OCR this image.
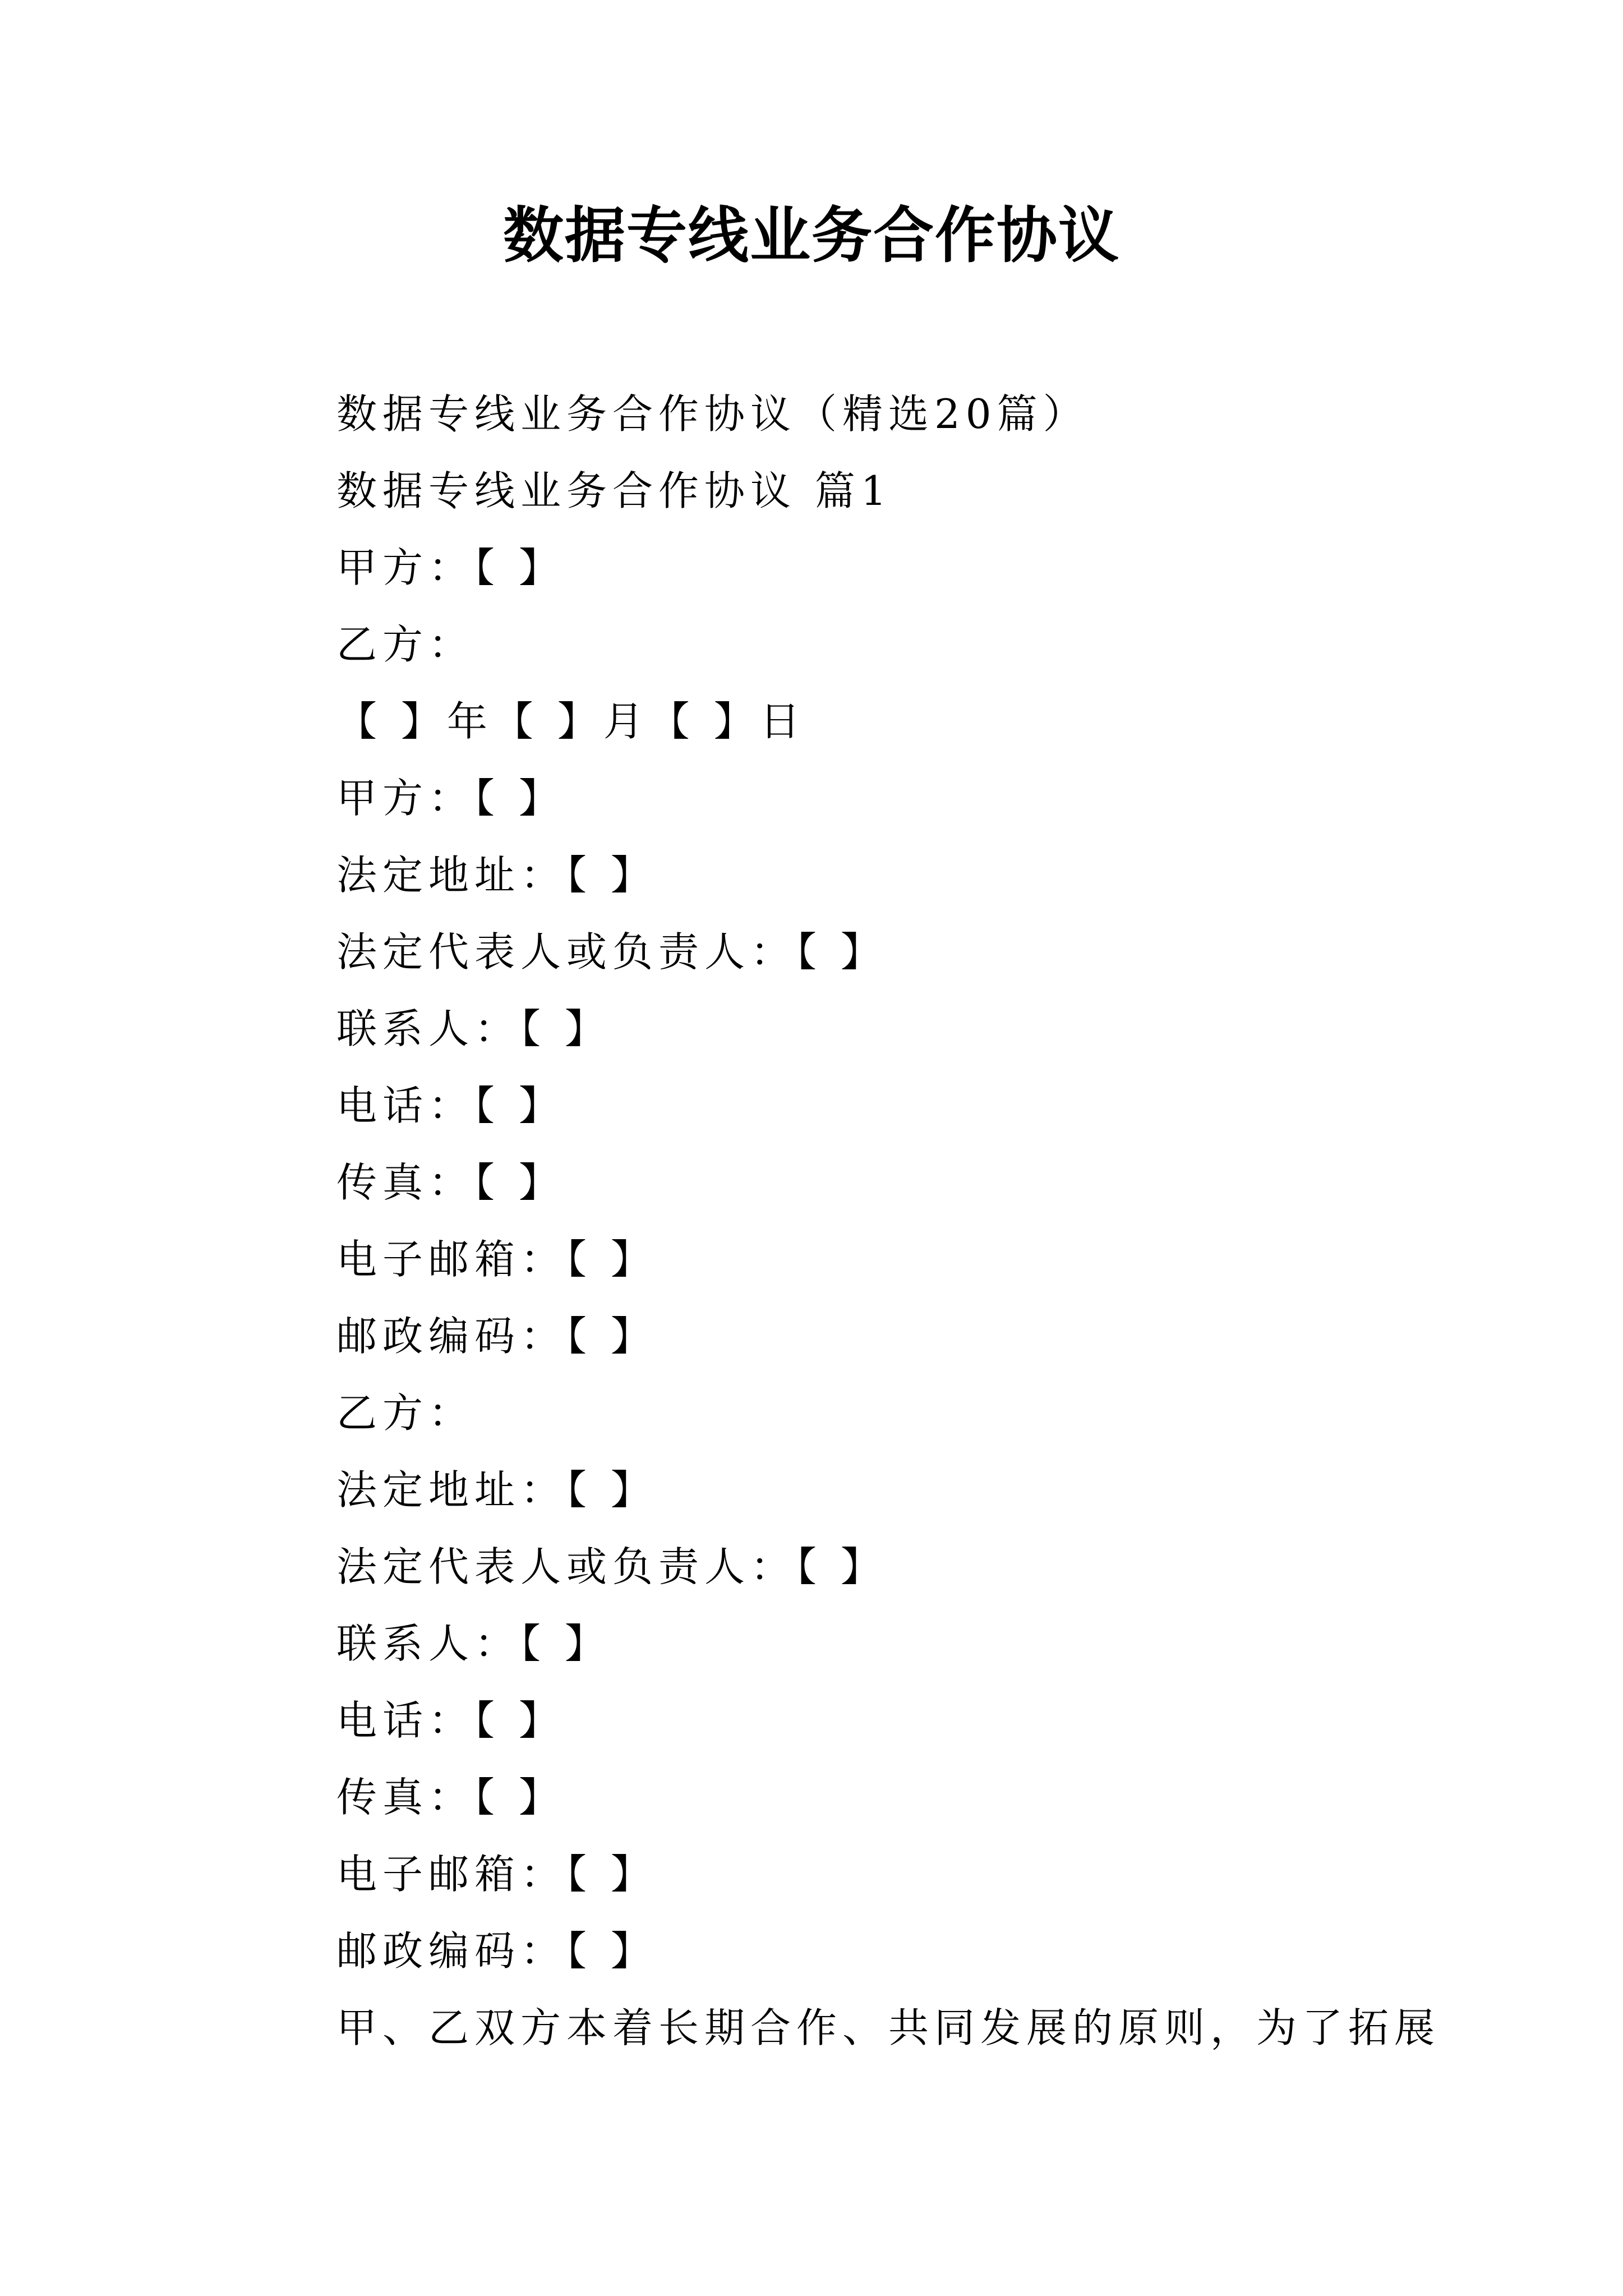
数据专线业务合作协议

数据专线业务合作协议（精选20篇）

数据专线业务合作协议 篇1

甲方：【 】

乙方：

【 】年【 】月【 】日

甲方：【 】

法定地址：【 】

法定代表人或负责人：【 】

联系人：【 】

电话：【 】

传真：【 】

电子邮箱：【 】

邮政编码：【 】

乙方：

法定地址：【 】

法定代表人或负责人：【 】

联系人：【 】

电话：【 】

传真：【 】

电子邮箱：【 】

邮政编码：【 】

甲、乙双方本着长期合作、共同发展的原则，为了拓展
